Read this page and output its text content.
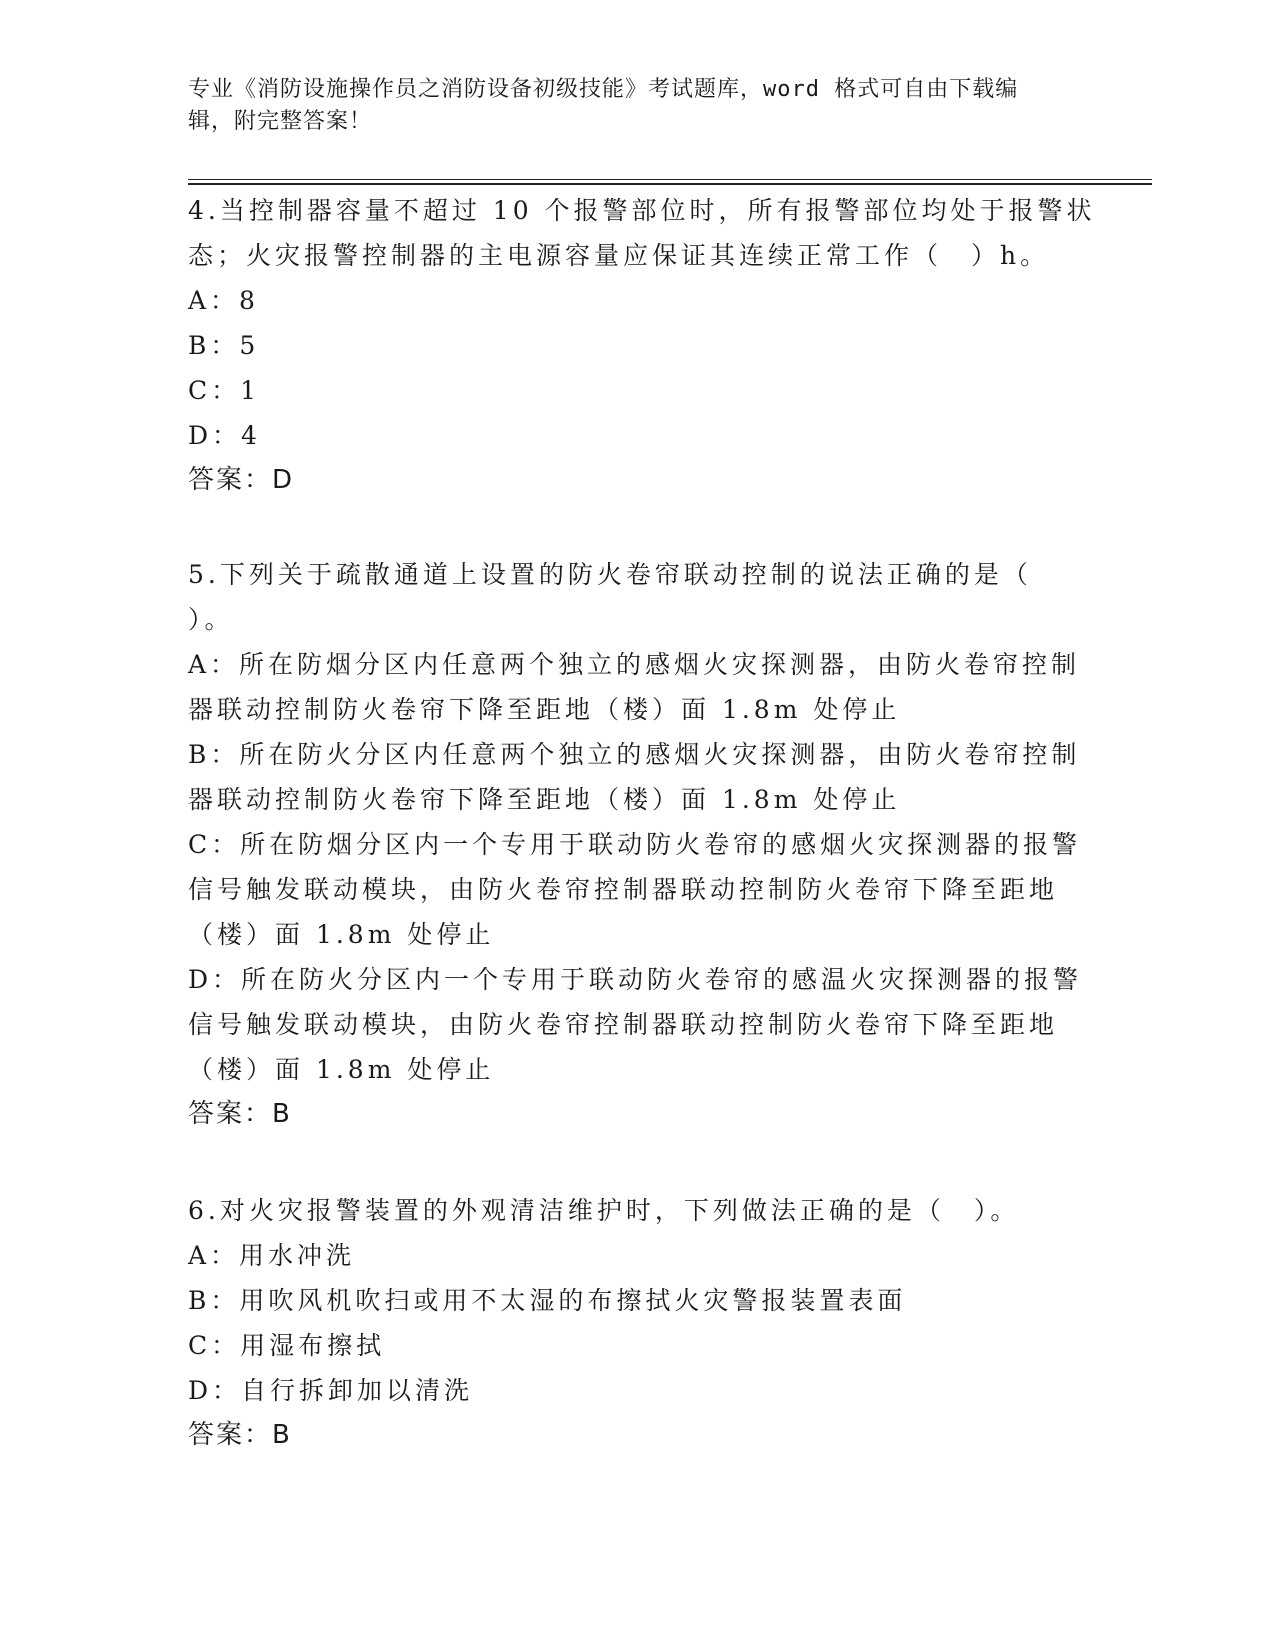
专业《消防设施操作员之消防设备初级技能》考试题库，word 格式可自由下载编
辑，附完整答案！
4.当控制器容量不超过 10 个报警部位时，所有报警部位均处于报警状
态；火灾报警控制器的主电源容量应保证其连续正常工作（　）h。
A：8
B：5
C：1
D：4
答案：D
5.下列关于疏散通道上设置的防火卷帘联动控制的说法正确的是（
）。
A：所在防烟分区内任意两个独立的感烟火灾探测器，由防火卷帘控制
器联动控制防火卷帘下降至距地（楼）面 1.8m 处停止
B：所在防火分区内任意两个独立的感烟火灾探测器，由防火卷帘控制
器联动控制防火卷帘下降至距地（楼）面 1.8m 处停止
C：所在防烟分区内一个专用于联动防火卷帘的感烟火灾探测器的报警
信号触发联动模块，由防火卷帘控制器联动控制防火卷帘下降至距地
（楼）面 1.8m 处停止
D：所在防火分区内一个专用于联动防火卷帘的感温火灾探测器的报警
信号触发联动模块，由防火卷帘控制器联动控制防火卷帘下降至距地
（楼）面 1.8m 处停止
答案：B
6.对火灾报警装置的外观清洁维护时，下列做法正确的是（　）。
A：用水冲洗
B：用吹风机吹扫或用不太湿的布擦拭火灾警报装置表面
C：用湿布擦拭
D：自行拆卸加以清洗
答案：B
